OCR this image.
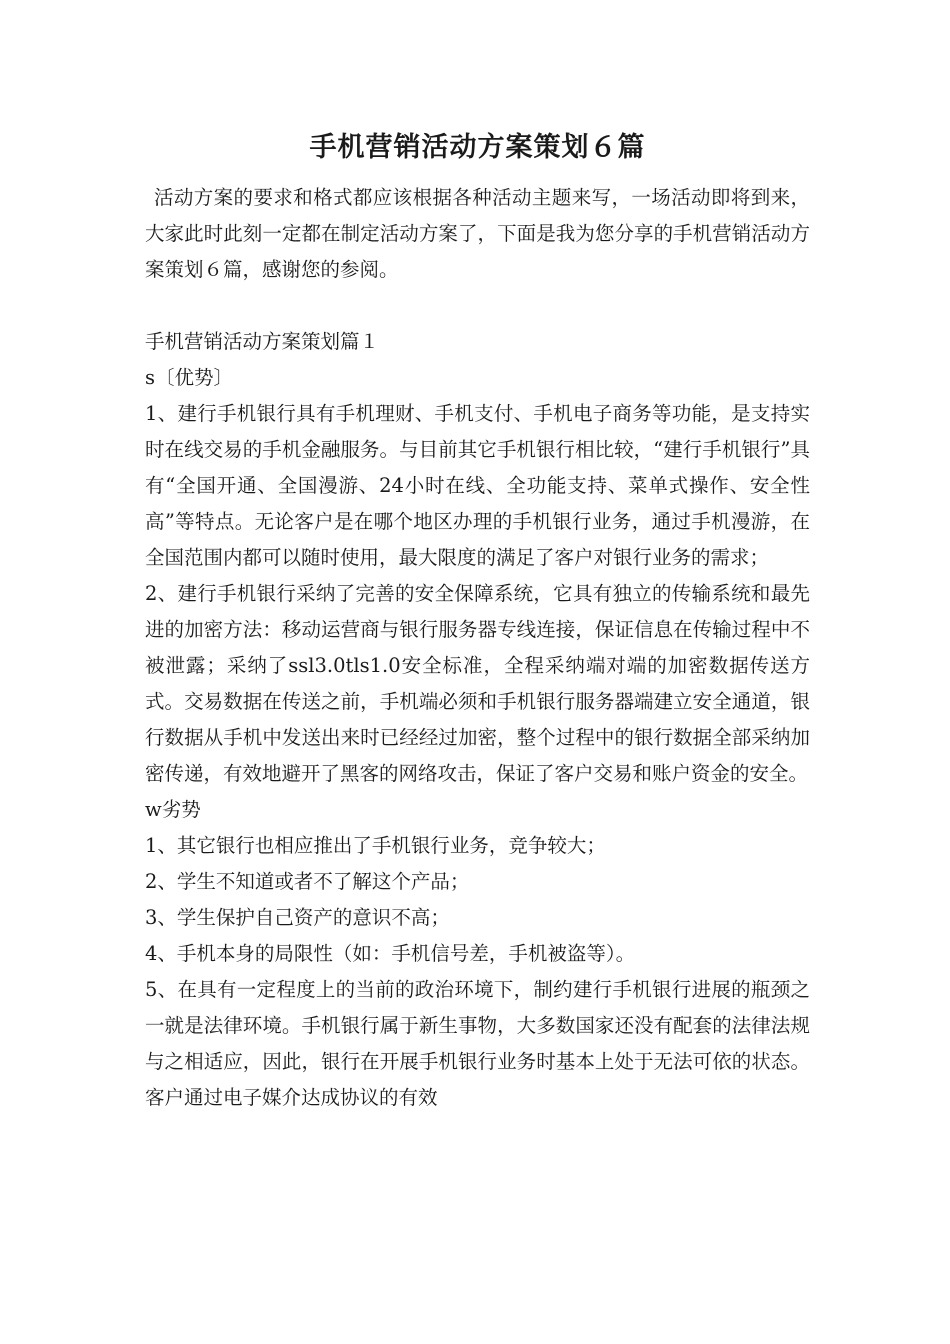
手机营销活动方案策划６篇

活动方案的要求和格式都应该根据各种活动主题来写，一场活动即将到来，大家此时此刻一定都在制定活动方案了，下面是我为您分享的手机营销活动方案策划６篇，感谢您的参阅。

手机营销活动方案策划篇１

s〔优势〕

1、建行手机银行具有手机理财、手机支付、手机电子商务等功能，是支持实时在线交易的手机金融服务。与目前其它手机银行相比较，“建行手机银行”具有“全国开通、全国漫游、24小时在线、全功能支持、菜单式操作、安全性高”等特点。无论客户是在哪个地区办理的手机银行业务，通过手机漫游，在全国范围内都可以随时使用，最大限度的满足了客户对银行业务的需求；

2、建行手机银行采纳了完善的安全保障系统，它具有独立的传输系统和最先进的加密方法：移动运营商与银行服务器专线连接，保证信息在传输过程中不被泄露；采纳了ssl3.0tls1.0安全标准，全程采纳端对端的加密数据传送方式。交易数据在传送之前，手机端必须和手机银行服务器端建立安全通道，银行数据从手机中发送出来时已经经过加密，整个过程中的银行数据全部采纳加密传递，有效地避开了黑客的网络攻击，保证了客户交易和账户资金的安全。

w劣势

1、其它银行也相应推出了手机银行业务，竞争较大；

2、学生不知道或者不了解这个产品；

3、学生保护自己资产的意识不高；

4、手机本身的局限性（如：手机信号差，手机被盗等）。

5、在具有一定程度上的当前的政治环境下，制约建行手机银行进展的瓶颈之一就是法律环境。手机银行属于新生事物，大多数国家还没有配套的法律法规与之相适应，因此，银行在开展手机银行业务时基本上处于无法可依的状态。客户通过电子媒介达成协议的有效
